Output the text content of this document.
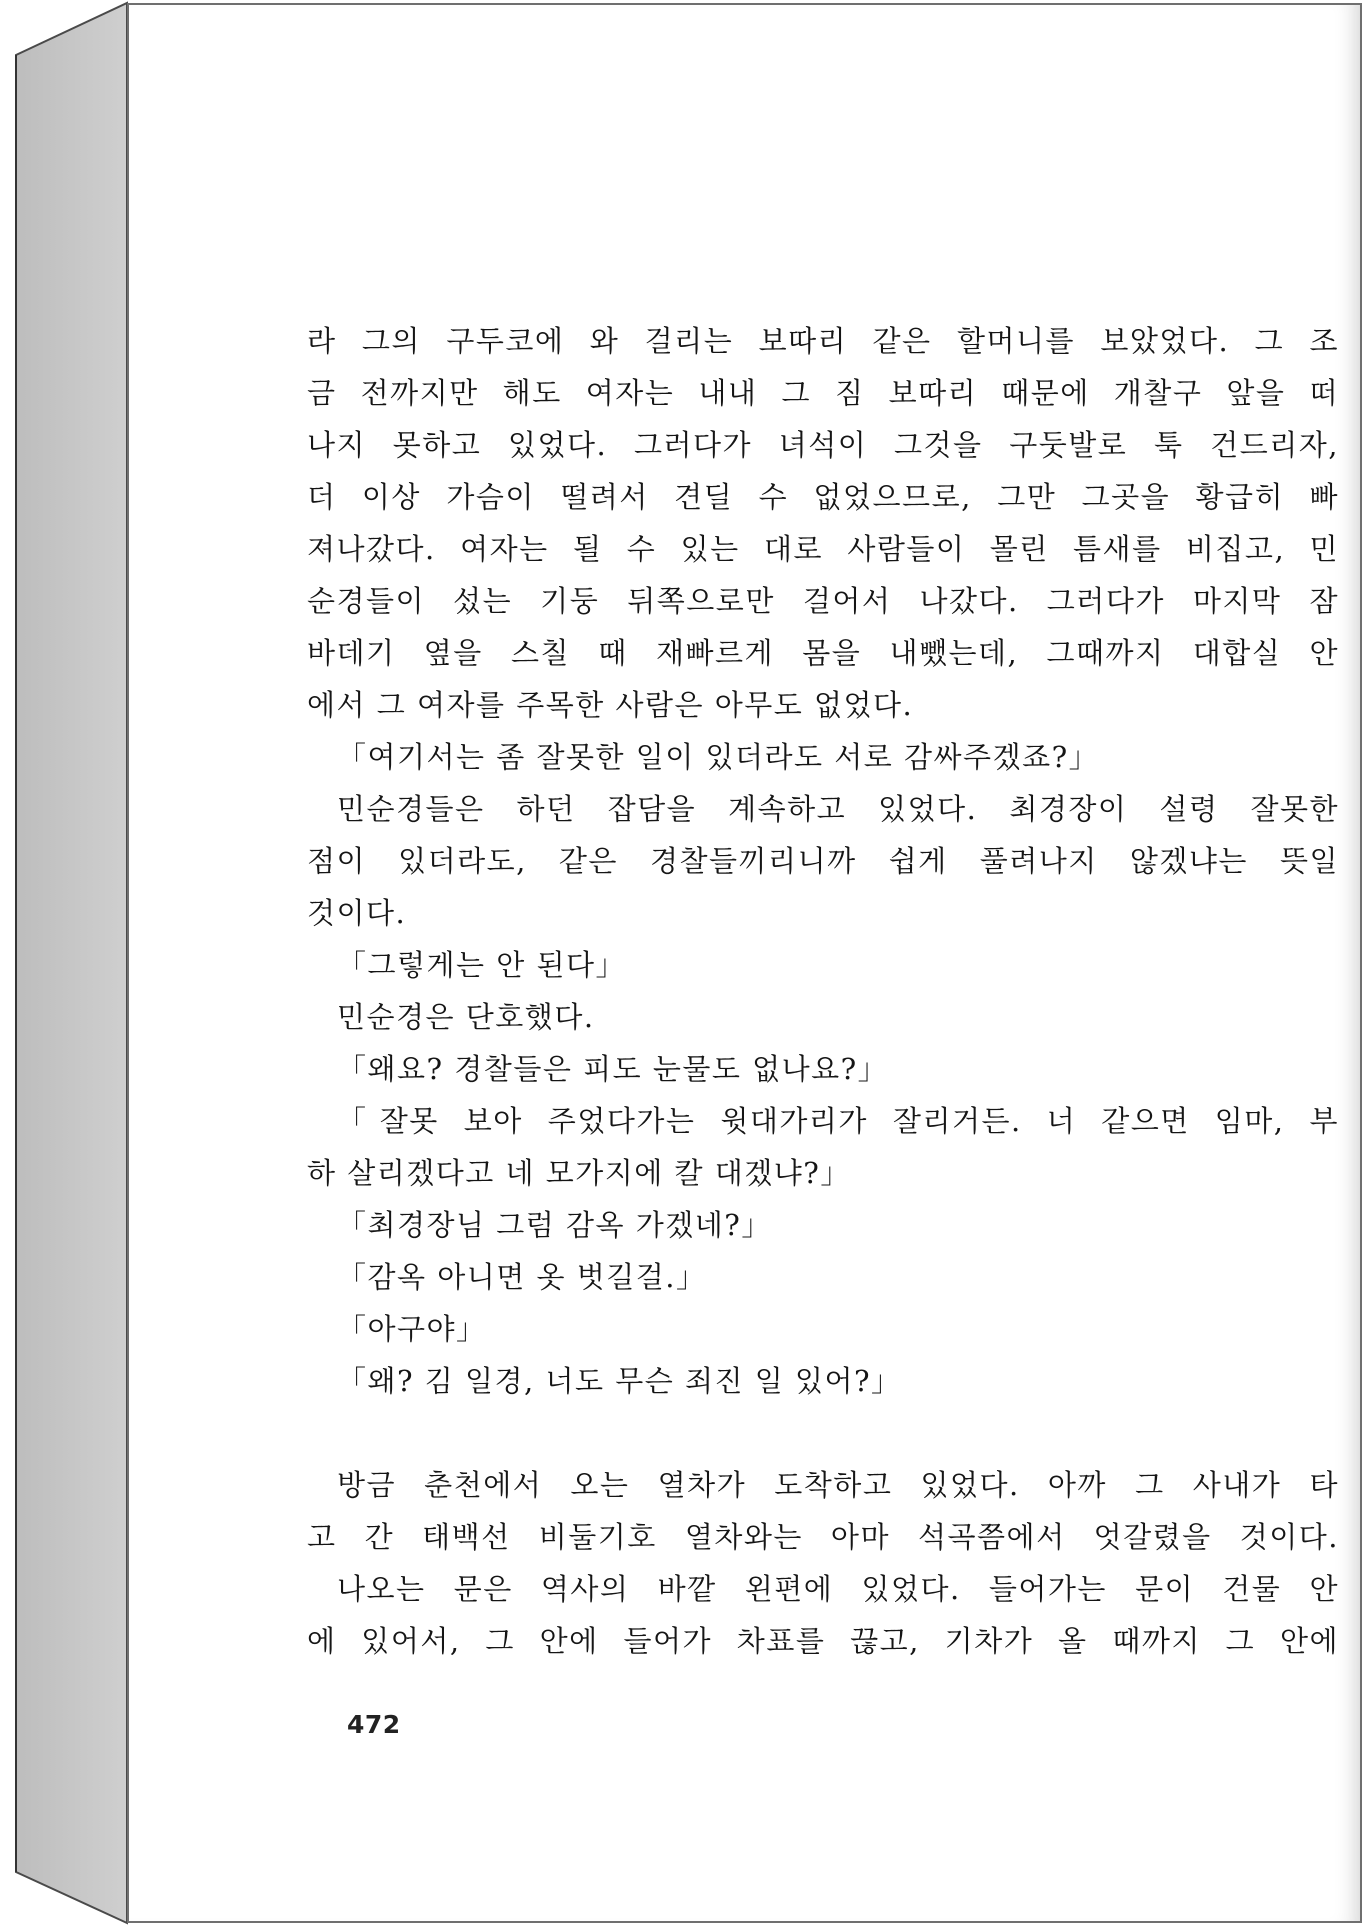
라 그의 구두코에 와 걸리는 보따리 같은 할머니를 보았었다. 그 조
금 전까지만 해도 여자는 내내 그 짐 보따리 때문에 개찰구 앞을 떠
나지 못하고 있었다. 그러다가 녀석이 그것을 구둣발로 툭 건드리자,
더 이상 가슴이 떨려서 견딜 수 없었으므로, 그만 그곳을 황급히 빠
져나갔다. 여자는 될 수 있는 대로 사람들이 몰린 틈새를 비집고, 민
순경들이 섰는 기둥 뒤쪽으로만 걸어서 나갔다. 그러다가 마지막 잠
바데기 옆을 스칠 때 재빠르게 몸을 내뺐는데, 그때까지 대합실 안
에서 그 여자를 주목한 사람은 아무도 없었다.
「여기서는 좀 잘못한 일이 있더라도 서로 감싸주겠죠?」
민순경들은 하던 잡담을 계속하고 있었다. 최경장이 설령 잘못한
점이 있더라도, 같은 경찰들끼리니까 쉽게 풀려나지 않겠냐는 뜻일
것이다.
「그렇게는 안 된다」
민순경은 단호했다.
「왜요? 경찰들은 피도 눈물도 없나요?」
「잘못 보아 주었다가는 윗대가리가 잘리거든. 너 같으면 임마, 부
하 살리겠다고 네 모가지에 칼 대겠냐?」
「최경장님 그럼 감옥 가겠네?」
「감옥 아니면 옷 벗길걸.」
「아구야」
「왜? 김 일경, 너도 무슨 죄진 일 있어?」
방금 춘천에서 오는 열차가 도착하고 있었다. 아까 그 사내가 타
고 간 태백선 비둘기호 열차와는 아마 석곡쯤에서 엇갈렸을 것이다.
나오는 문은 역사의 바깥 왼편에 있었다. 들어가는 문이 건물 안
에 있어서, 그 안에 들어가 차표를 끊고, 기차가 올 때까지 그 안에
472
